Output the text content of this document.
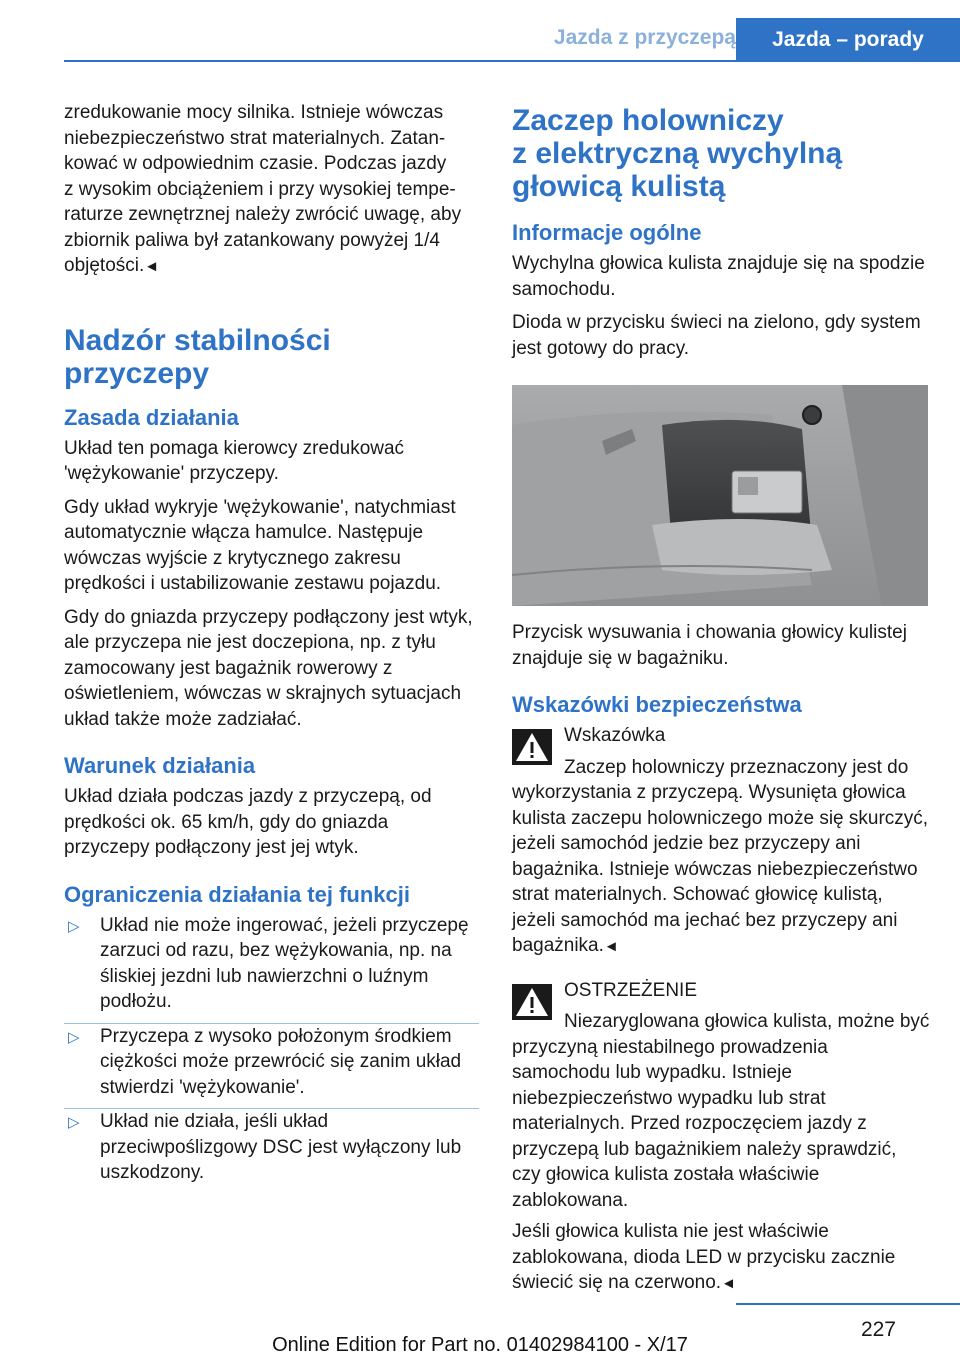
Jazda z przyczepą	Jazda – porady

zredukowanie mocy silnika. Istnieje wówczas
niebezpieczeństwo strat materialnych. Zatan-
kować w odpowiednim czasie. Podczas jazdy
z wysokim obciążeniem i przy wysokiej tempe-
raturze zewnętrznej należy zwrócić uwagę, aby
zbiornik paliwa był zatankowany powyżej 1/4
objętości.◄

Nadzór stabilności
przyczepy
Zasada działania

Układ ten pomaga kierowcy zredukować 'wężykowanie' przyczepy.

Gdy układ wykryje 'wężykowanie', natychmiast automatycznie włącza hamulce. Następuje wówczas wyjście z krytycznego zakresu prędkości i ustabilizowanie zestawu pojazdu.

Gdy do gniazda przyczepy podłączony jest wtyk, ale przyczepa nie jest doczepiona, np. z tyłu zamocowany jest bagażnik rowerowy z oświetleniem, wówczas w skrajnych sytuacjach układ także może zadziałać.

Warunek działania

Układ działa podczas jazdy z przyczepą, od prędkości ok. 65 km/h, gdy do gniazda przyczepy podłączony jest jej wtyk.

Ograniczenia działania tej funkcji
▷ Układ nie może ingerować, jeżeli przyczepę zarzuci od razu, bez wężykowania, np. na śliskiej jezdni lub nawierzchni o luźnym podłożu.
▷ Przyczepa z wysoko położonym środkiem ciężkości może przewrócić się zanim układ stwierdzi 'wężykowanie'.
▷ Układ nie działa, jeśli układ przeciwpoślizgowy DSC jest wyłączony lub uszkodzony.
Zaczep holowniczy
z elektryczną wychylną
głowicą kulistą
Informacje ogólne

Wychylna głowica kulista znajduje się na spodzie samochodu.

Dioda w przycisku świeci na zielono, gdy system jest gotowy do pracy.

Przycisk wysuwania i chowania głowicy kulistej znajduje się w bagażniku.

Wskazówki bezpieczeństwa

Wskazówka

Zaczep holowniczy przeznaczony jest do wykorzystania z przyczepą. Wysunięta głowica kulista zaczepu holowniczego może się skurczyć, jeżeli samochód jedzie bez przyczepy ani bagażnika. Istnieje wówczas niebezpieczeństwo strat materialnych. Schować głowicę kulistą, jeżeli samochód ma jechać bez przyczepy ani bagażnika.◄

OSTRZEŻENIE

Niezaryglowana głowica kulista, możne być przyczyną niestabilnego prowadzenia samochodu lub wypadku. Istnieje niebezpieczeństwo wypadku lub strat materialnych. Przed rozpoczęciem jazdy z przyczepą lub bagażnikiem należy sprawdzić, czy głowica kulista została właściwie zablokowana.

Jeśli głowica kulista nie jest właściwie zablokowana, dioda LED w przycisku zacznie świecić się na czerwono.◄

227
Online Edition for Part no. 01402984100 - X/17
